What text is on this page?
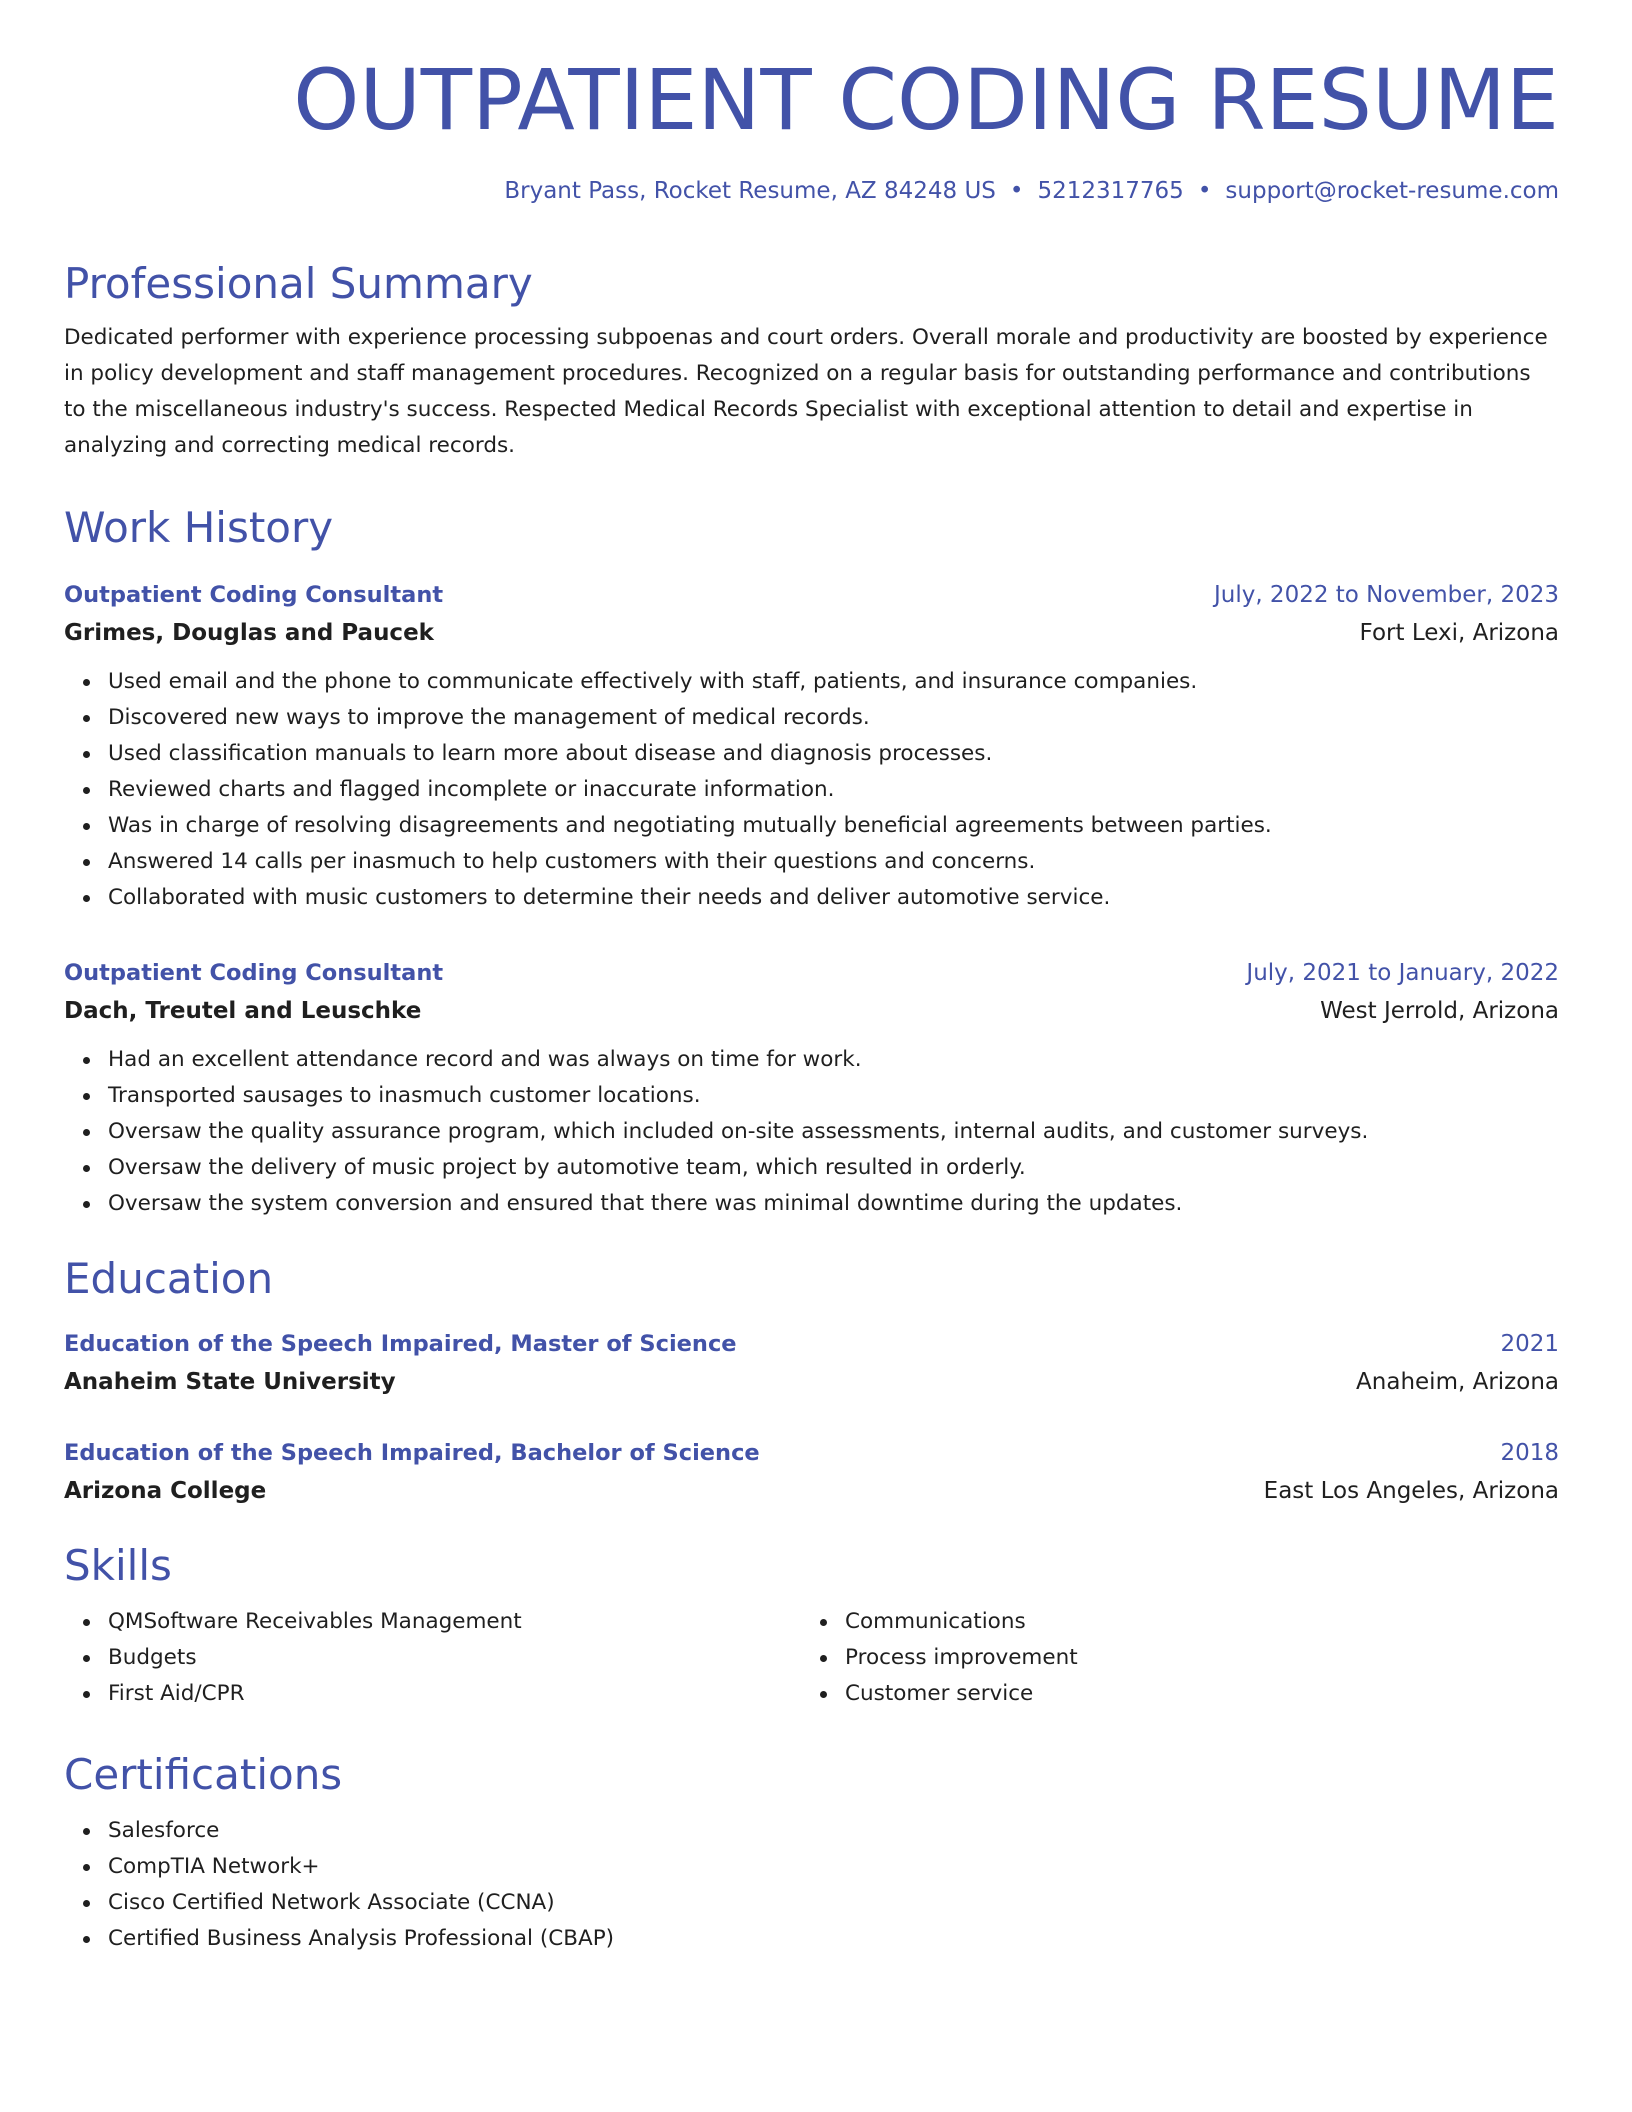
OUTPATIENT CODING RESUME
Bryant Pass, Rocket Resume, AZ 84248 US • 5212317765 • support@rocket-resume.com
Professional Summary

Dedicated performer with experience processing subpoenas and court orders. Overall morale and productivity are boosted by experience in policy development and staff management procedures. Recognized on a regular basis for outstanding performance and contributions to the miscellaneous industry's success. Respected Medical Records Specialist with exceptional attention to detail and expertise in analyzing and correcting medical records.

Work History
Outpatient Coding Consultant	July, 2022 to November, 2023
Grimes, Douglas and Paucek	Fort Lexi, Arizona
Used email and the phone to communicate effectively with staff, patients, and insurance companies.
Discovered new ways to improve the management of medical records.
Used classification manuals to learn more about disease and diagnosis processes.
Reviewed charts and flagged incomplete or inaccurate information.
Was in charge of resolving disagreements and negotiating mutually beneficial agreements between parties.
Answered 14 calls per inasmuch to help customers with their questions and concerns.
Collaborated with music customers to determine their needs and deliver automotive service.
Outpatient Coding Consultant	July, 2021 to January, 2022
Dach, Treutel and Leuschke	West Jerrold, Arizona
Had an excellent attendance record and was always on time for work.
Transported sausages to inasmuch customer locations.
Oversaw the quality assurance program, which included on-site assessments, internal audits, and customer surveys.
Oversaw the delivery of music project by automotive team, which resulted in orderly.
Oversaw the system conversion and ensured that there was minimal downtime during the updates.
Education
Education of the Speech Impaired, Master of Science	2021
Anaheim State University	Anaheim, Arizona
Education of the Speech Impaired, Bachelor of Science	2018
Arizona College	East Los Angeles, Arizona
Skills
QMSoftware Receivables Management
Budgets
First Aid/CPR
Communications
Process improvement
Customer service
Certifications
Salesforce
CompTIA Network+
Cisco Certified Network Associate (CCNA)
Certified Business Analysis Professional (CBAP)
